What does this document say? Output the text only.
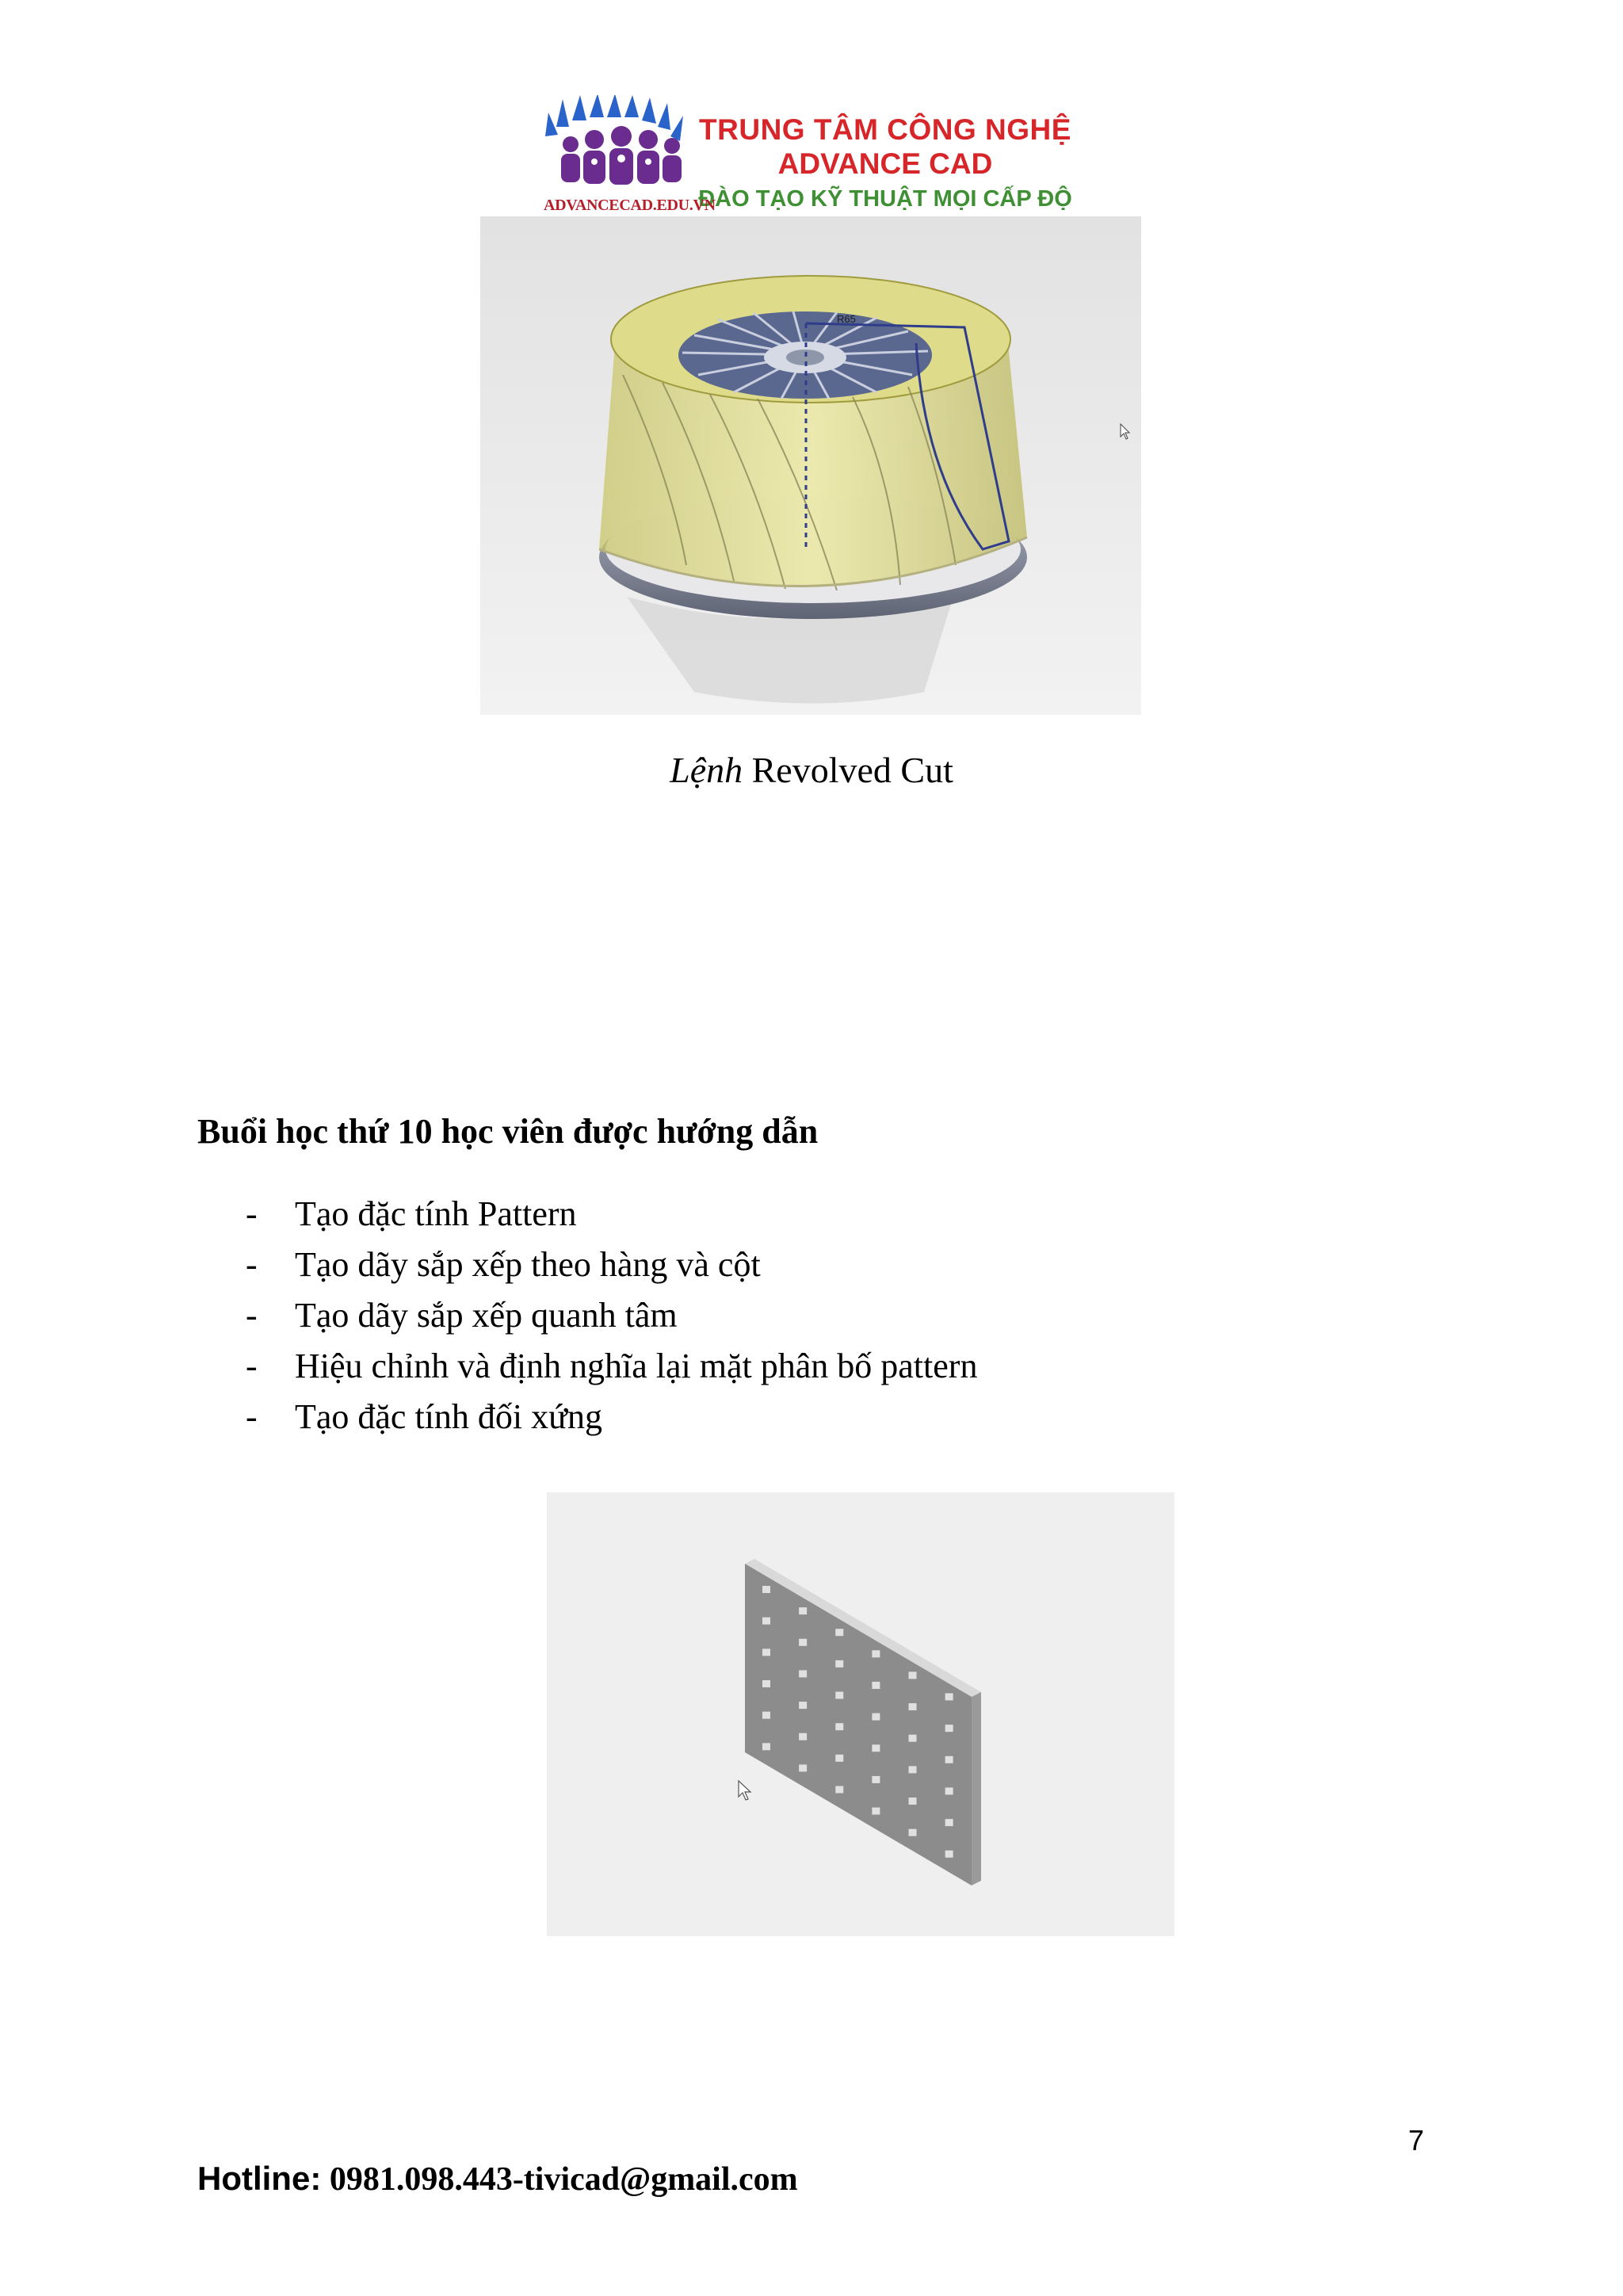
TRUNG TÂM CÔNG NGHỆ
ADVANCE CAD
ĐÀO TẠO KỸ THUẬT MỌI CẤP ĐỘ
ADVANCECAD.EDU.VN
R65
Lệnh Revolved Cut
Buổi học thứ 10 học viên được hướng dẫn
- Tạo đặc tính Pattern
- Tạo dãy sắp xếp theo hàng và cột
- Tạo dãy sắp xếp quanh tâm
- Hiệu chỉnh và định nghĩa lại mặt phân bố pattern
- Tạo đặc tính đối xứng
7
Hotline: 0981.098.443-tivicad@gmail.com
